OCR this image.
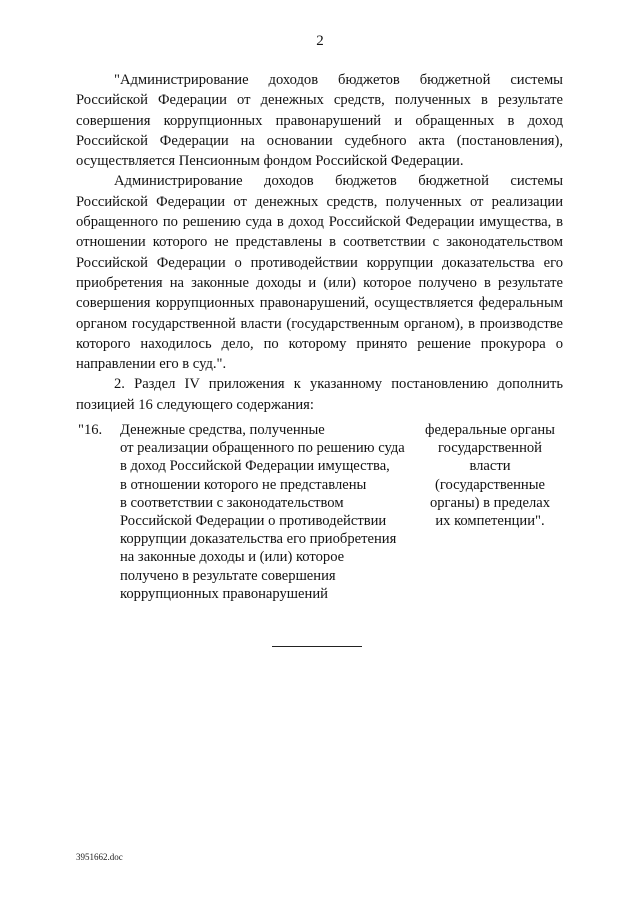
2

"Администрирование доходов бюджетов бюджетной системы Российской Федерации от денежных средств, полученных в результате совершения коррупционных правонарушений и обращенных в доход Российской Федерации на основании судебного акта (постановления), осуществляется Пенсионным фондом Российской Федерации.

Администрирование доходов бюджетов бюджетной системы Российской Федерации от денежных средств, полученных от реализации обращенного по решению суда в доход Российской Федерации имущества, в отношении которого не представлены в соответствии с законодательством Российской Федерации о противодействии коррупции доказательства его приобретения на законные доходы и (или) которое получено в результате совершения коррупционных правонарушений, осуществляется федеральным органом государственной власти (государственным органом), в производстве которого находилось дело, по которому принято решение прокурора о направлении его в суд.".

2. Раздел IV приложения к указанному постановлению дополнить позицией 16 следующего содержания:

"16.	Денежные средства, полученные
от реализации обращенного по решению суда
в доход Российской Федерации имущества,
в отношении которого не представлены
в соответствии с законодательством
Российской Федерации о противодействии
коррупции доказательства его приобретения
на законные доходы и (или) которое
получено в результате совершения
коррупционных правонарушений
федеральные органы
государственной
власти
(государственные
органы) в пределах
их компетенции".
3951662.doc
